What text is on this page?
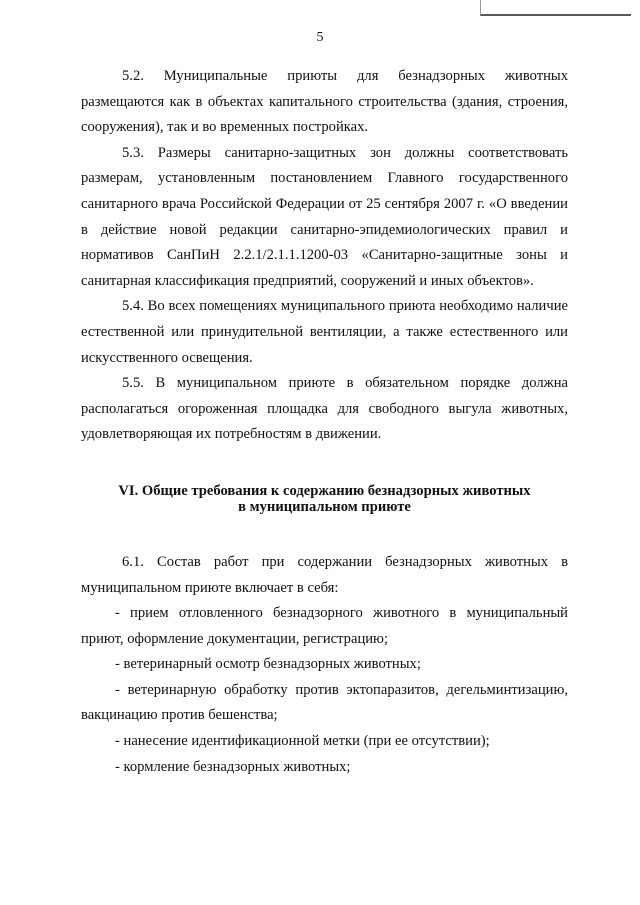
5

5.2. Муниципальные приюты для безнадзорных животных размещаются как в объектах капитального строительства (здания, строения, сооружения), так и во временных постройках.

5.3. Размеры санитарно-защитных зон должны соответствовать размерам, установленным постановлением Главного государственного санитарного врача Российской Федерации от 25 сентября 2007 г. «О введении в действие новой редакции санитарно-эпидемиологических правил и нормативов СанПиН 2.2.1/2.1.1.1200-03 «Санитарно-защитные зоны и санитарная классификация предприятий, сооружений и иных объектов».

5.4. Во всех помещениях муниципального приюта необходимо наличие естественной или принудительной вентиляции, а также естественного или искусственного освещения.

5.5. В муниципальном приюте в обязательном порядке должна располагаться огороженная площадка для свободного выгула животных, удовлетворяющая их потребностям в движении.

VI. Общие требования к содержанию безнадзорных животных
в муниципальном приюте

6.1. Состав работ при содержании безнадзорных животных в муниципальном приюте включает в себя:

- прием отловленного безнадзорного животного в муниципальный приют, оформление документации, регистрацию;
- ветеринарный осмотр безнадзорных животных;
- ветеринарную обработку против эктопаразитов, дегельминтизацию, вакцинацию против бешенства;
- нанесение идентификационной метки (при ее отсутствии);
- кормление безнадзорных животных;
